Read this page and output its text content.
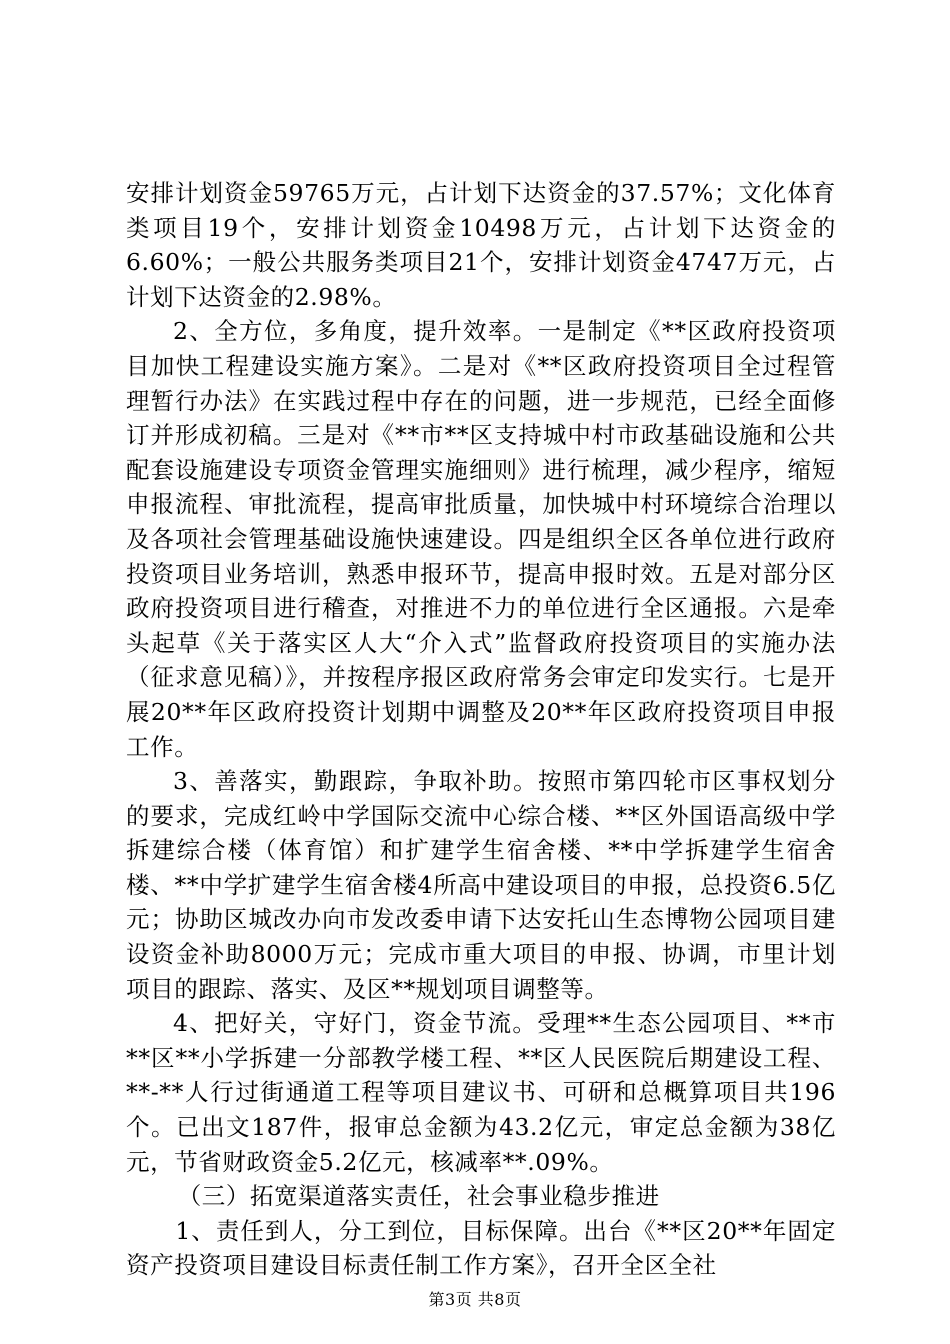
安排计划资金59765万元，占计划下达资金的37.57%；文化体育类项目19个，安排计划资金10498万元，占计划下达资金的6.60%；一般公共服务类项目21个，安排计划资金4747万元，占计划下达资金的2.98%。

2、全方位，多角度，提升效率。一是制定《**区政府投资项目加快工程建设实施方案》。二是对《**区政府投资项目全过程管理暂行办法》在实践过程中存在的问题，进一步规范，已经全面修订并形成初稿。三是对《**市**区支持城中村市政基础设施和公共配套设施建设专项资金管理实施细则》进行梳理，减少程序，缩短申报流程、审批流程，提高审批质量，加快城中村环境综合治理以及各项社会管理基础设施快速建设。四是组织全区各单位进行政府投资项目业务培训，熟悉申报环节，提高申报时效。五是对部分区政府投资项目进行稽查，对推进不力的单位进行全区通报。六是牵头起草《关于落实区人大“介入式”监督政府投资项目的实施办法（征求意见稿）》，并按程序报区政府常务会审定印发实行。七是开展20**年区政府投资计划期中调整及20**年区政府投资项目申报工作。

3、善落实，勤跟踪，争取补助。按照市第四轮市区事权划分的要求，完成红岭中学国际交流中心综合楼、**区外国语高级中学拆建综合楼（体育馆）和扩建学生宿舍楼、**中学拆建学生宿舍楼、**中学扩建学生宿舍楼4所高中建设项目的申报，总投资6.5亿元；协助区城改办向市发改委申请下达安托山生态博物公园项目建设资金补助8000万元；完成市重大项目的申报、协调，市里计划项目的跟踪、落实、及区**规划项目调整等。

4、把好关，守好门，资金节流。受理**生态公园项目、**市**区**小学拆建一分部教学楼工程、**区人民医院后期建设工程、**-**人行过街通道工程等项目建议书、可研和总概算项目共196个。已出文187件，报审总金额为43.2亿元，审定总金额为38亿元，节省财政资金5.2亿元，核减率**.09%。

（三）拓宽渠道落实责任，社会事业稳步推进

1、责任到人，分工到位，目标保障。出台《**区20**年固定资产投资项目建设目标责任制工作方案》，召开全区全社

第3页 共8页
